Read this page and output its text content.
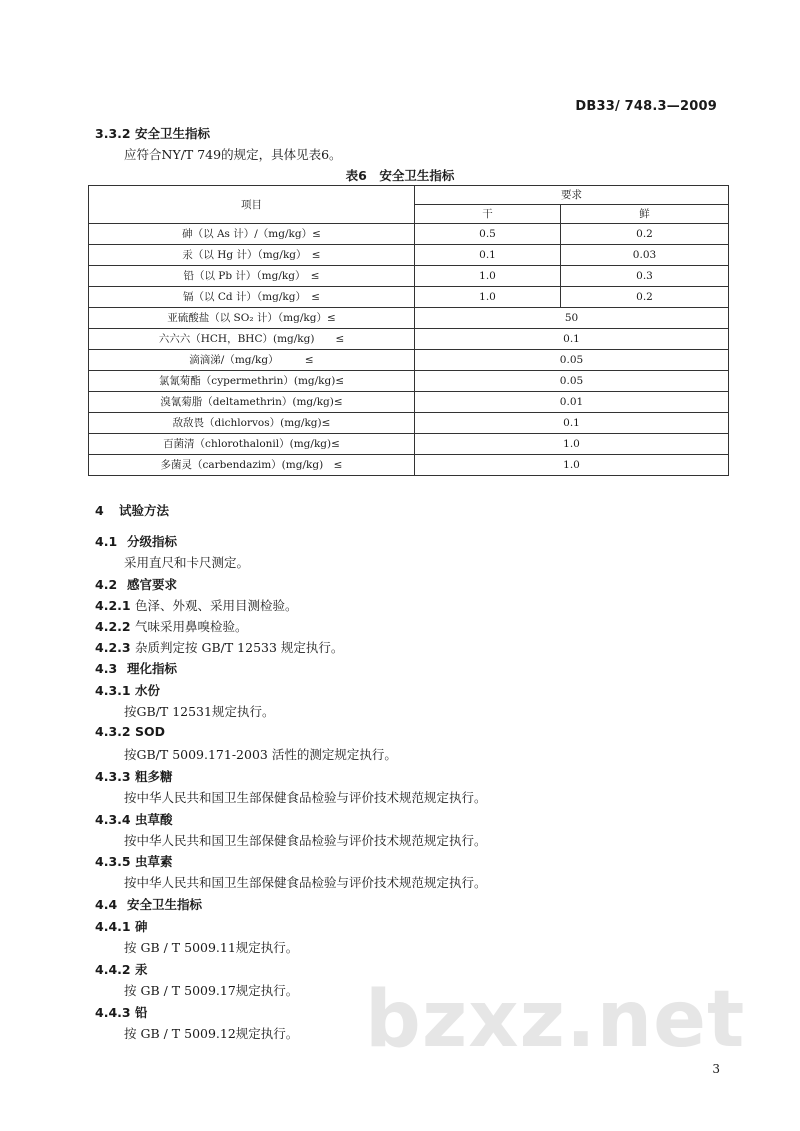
DB33/ 748.3—2009
3.3.2 安全卫生指标
应符合NY/T 749的规定，具体见表6。
表6　安全卫生指标
项目	要求	
	干	鲜
砷（以 As 计）/（mg/kg）≤	0.5	0.2
汞（以 Hg 计）（mg/kg）　≤	0.1	0.03
铅（以 Pb 计）（mg/kg）　≤	1.0	0.3
镉（以 Cd 计）（mg/kg）　≤	1.0	0.2
亚硫酸盐（以 SO₂ 计）（mg/kg）≤	50	
六六六（HCH，BHC）(mg/kg)　　≤	0.1	
滴滴涕/（mg/kg）　　　≤	0.05	
氯氰菊酯（cypermethrin）(mg/kg)≤	0.05	
溴氰菊脂（deltamethrin）(mg/kg)≤	0.01	
敌敌畏（dichlorvos）(mg/kg)≤	0.1	
百菌清（chlorothalonil）(mg/kg)≤	1.0	
多菌灵（carbendazim）(mg/kg)　≤	1.0	
4 试验方法
4.1 分级指标
采用直尺和卡尺测定。
4.2 感官要求
4.2.1 色泽、外观、采用目测检验。
4.2.2 气味采用鼻嗅检验。
4.2.3 杂质判定按 GB/T 12533 规定执行。
4.3 理化指标
4.3.1 水份
按GB/T 12531规定执行。
4.3.2 SOD
按GB/T 5009.171-2003 活性的测定规定执行。
4.3.3 粗多糖
按中华人民共和国卫生部保健食品检验与评价技术规范规定执行。
4.3.4 虫草酸
按中华人民共和国卫生部保健食品检验与评价技术规范规定执行。
4.3.5 虫草素
按中华人民共和国卫生部保健食品检验与评价技术规范规定执行。
4.4 安全卫生指标
4.4.1 砷
按 GB / T 5009.11规定执行。
4.4.2 汞
按 GB / T 5009.17规定执行。
4.4.3 铅
按 GB / T 5009.12规定执行。 bzxz.net
3
